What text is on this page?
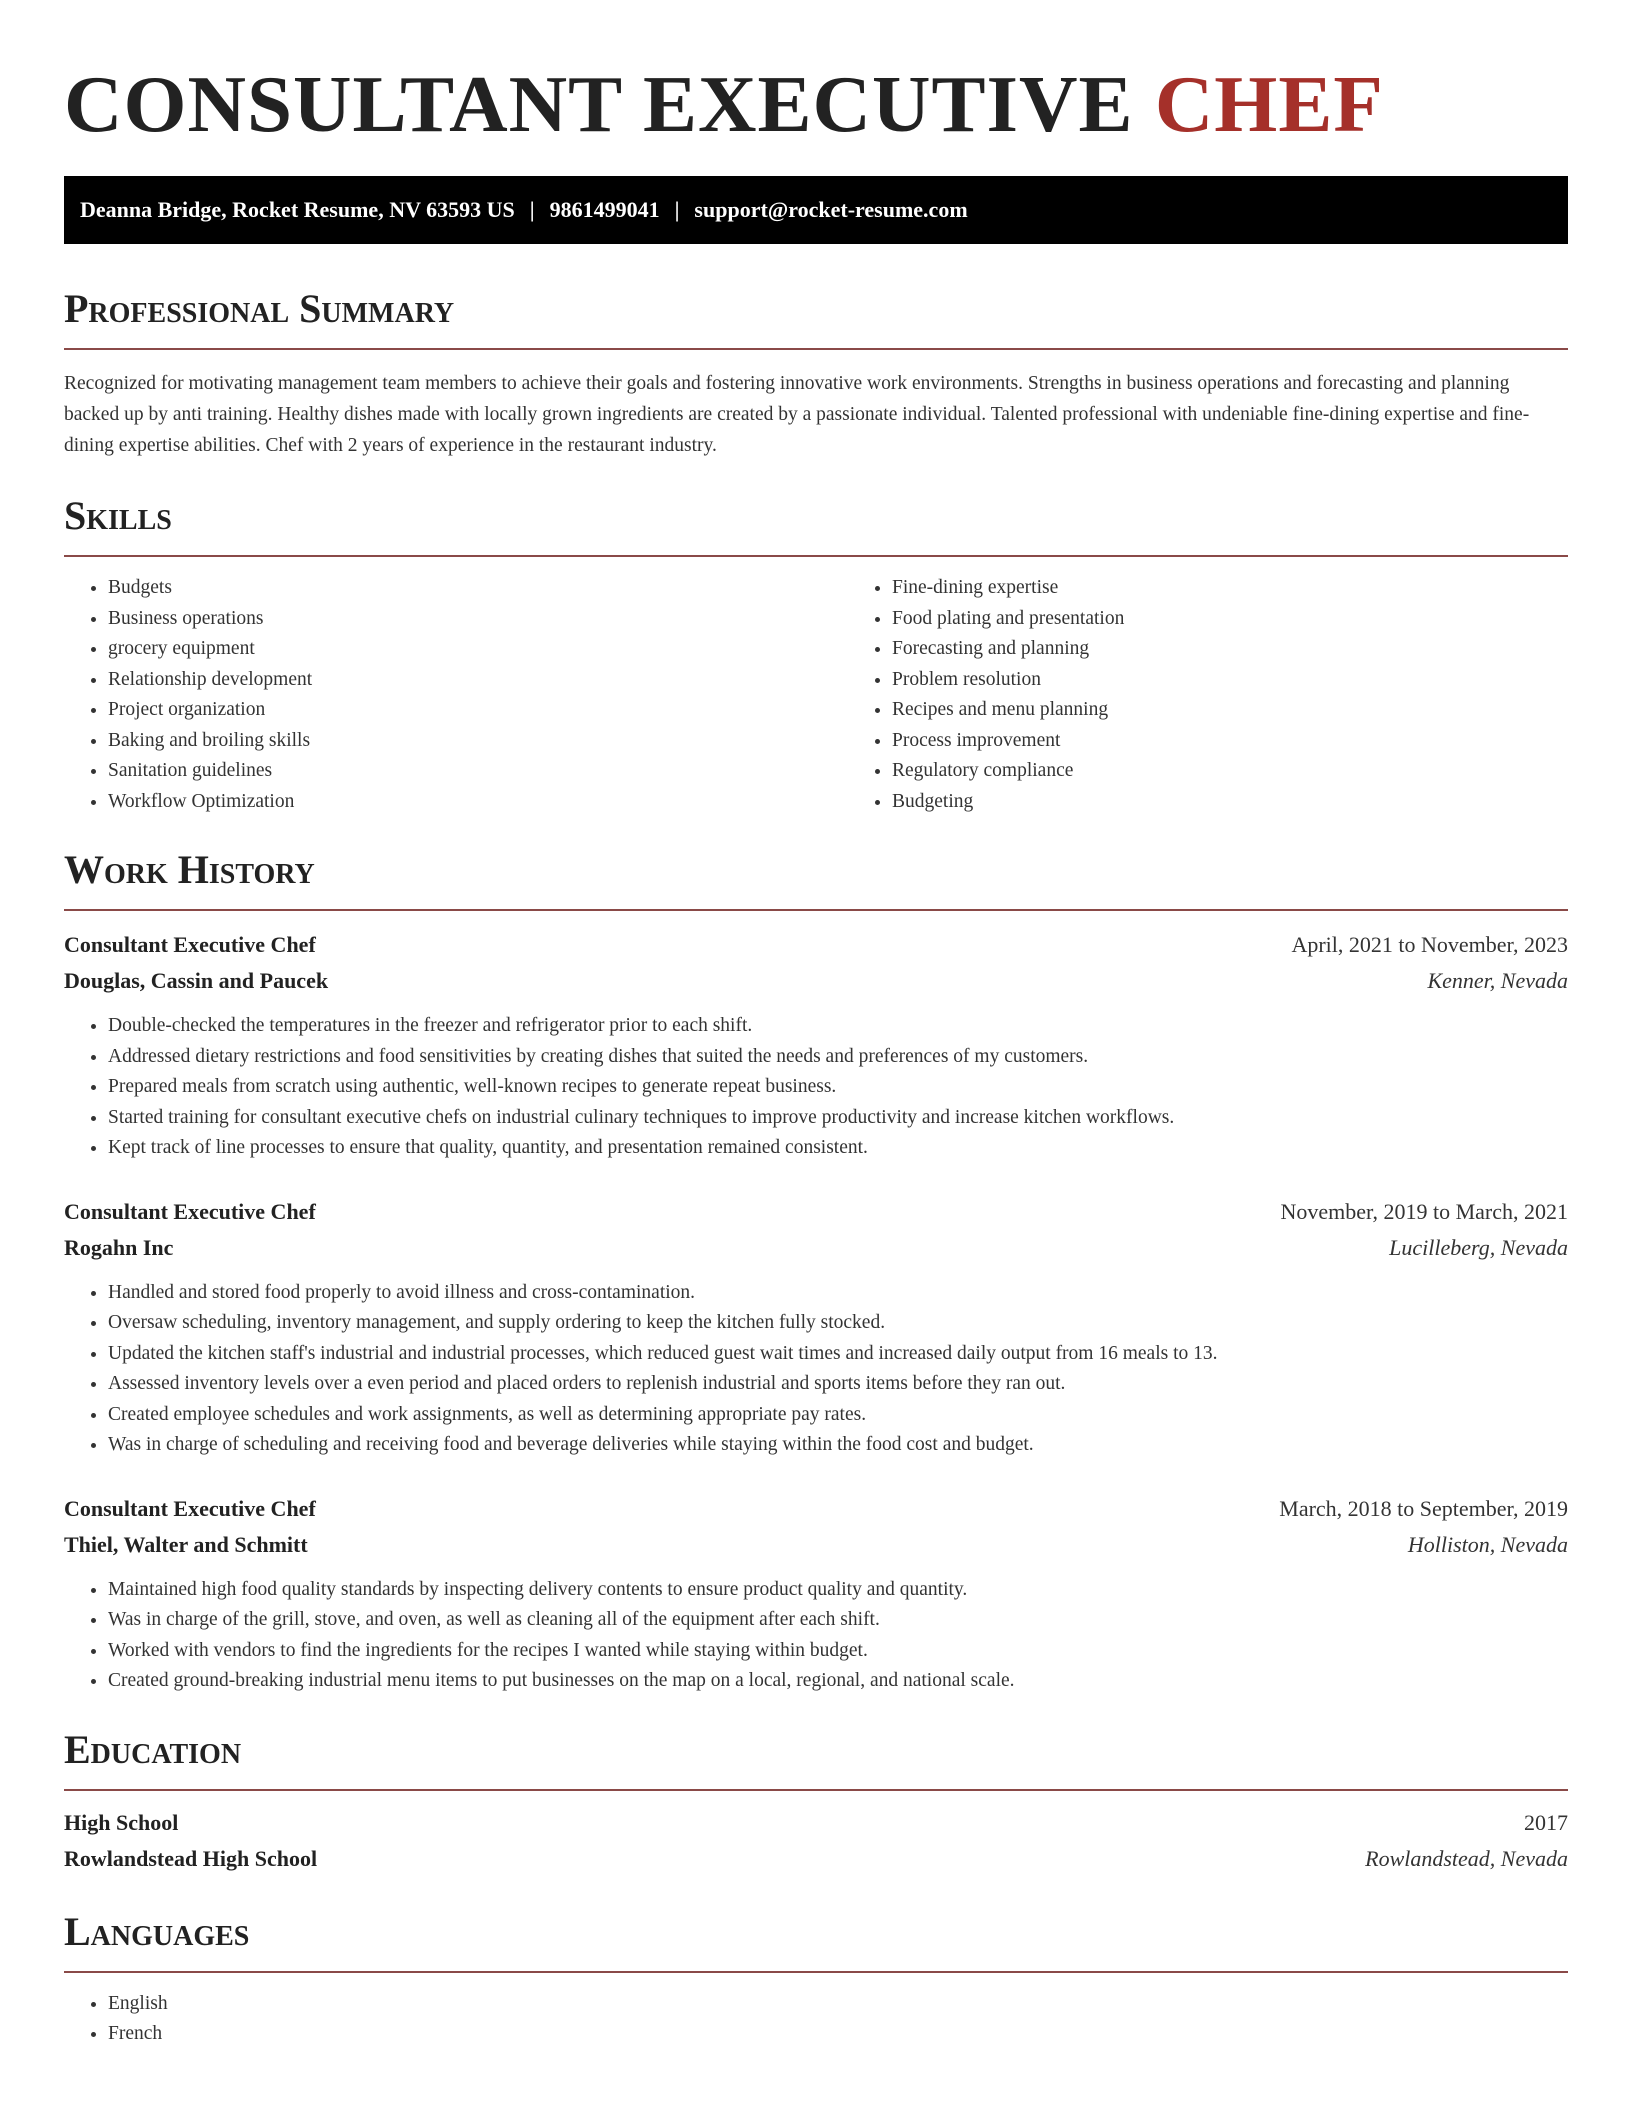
CONSULTANT EXECUTIVE CHEF
Deanna Bridge, Rocket Resume, NV 63593 US | 9861499041 | support@rocket-resume.com
Professional Summary

Recognized for motivating management team members to achieve their goals and fostering innovative work environments. Strengths in business operations and forecasting and planning backed up by anti training. Healthy dishes made with locally grown ingredients are created by a passionate individual. Talented professional with undeniable fine-dining expertise and fine-dining expertise abilities. Chef with 2 years of experience in the restaurant industry.

Skills
• Budgets
• Business operations
• grocery equipment
• Relationship development
• Project organization
• Baking and broiling skills
• Sanitation guidelines
• Workflow Optimization
• Fine-dining expertise
• Food plating and presentation
• Forecasting and planning
• Problem resolution
• Recipes and menu planning
• Process improvement
• Regulatory compliance
• Budgeting
Work History
Consultant Executive Chef	April, 2021 to November, 2023
Douglas, Cassin and Paucek	Kenner, Nevada
• Double-checked the temperatures in the freezer and refrigerator prior to each shift.
• Addressed dietary restrictions and food sensitivities by creating dishes that suited the needs and preferences of my customers.
• Prepared meals from scratch using authentic, well-known recipes to generate repeat business.
• Started training for consultant executive chefs on industrial culinary techniques to improve productivity and increase kitchen workflows.
• Kept track of line processes to ensure that quality, quantity, and presentation remained consistent.
Consultant Executive Chef	November, 2019 to March, 2021
Rogahn Inc	Lucilleberg, Nevada
• Handled and stored food properly to avoid illness and cross-contamination.
• Oversaw scheduling, inventory management, and supply ordering to keep the kitchen fully stocked.
• Updated the kitchen staff's industrial and industrial processes, which reduced guest wait times and increased daily output from 16 meals to 13.
• Assessed inventory levels over a even period and placed orders to replenish industrial and sports items before they ran out.
• Created employee schedules and work assignments, as well as determining appropriate pay rates.
• Was in charge of scheduling and receiving food and beverage deliveries while staying within the food cost and budget.
Consultant Executive Chef	March, 2018 to September, 2019
Thiel, Walter and Schmitt	Holliston, Nevada
• Maintained high food quality standards by inspecting delivery contents to ensure product quality and quantity.
• Was in charge of the grill, stove, and oven, as well as cleaning all of the equipment after each shift.
• Worked with vendors to find the ingredients for the recipes I wanted while staying within budget.
• Created ground-breaking industrial menu items to put businesses on the map on a local, regional, and national scale.
Education
High School	2017
Rowlandstead High School	Rowlandstead, Nevada
Languages
• English
• French
